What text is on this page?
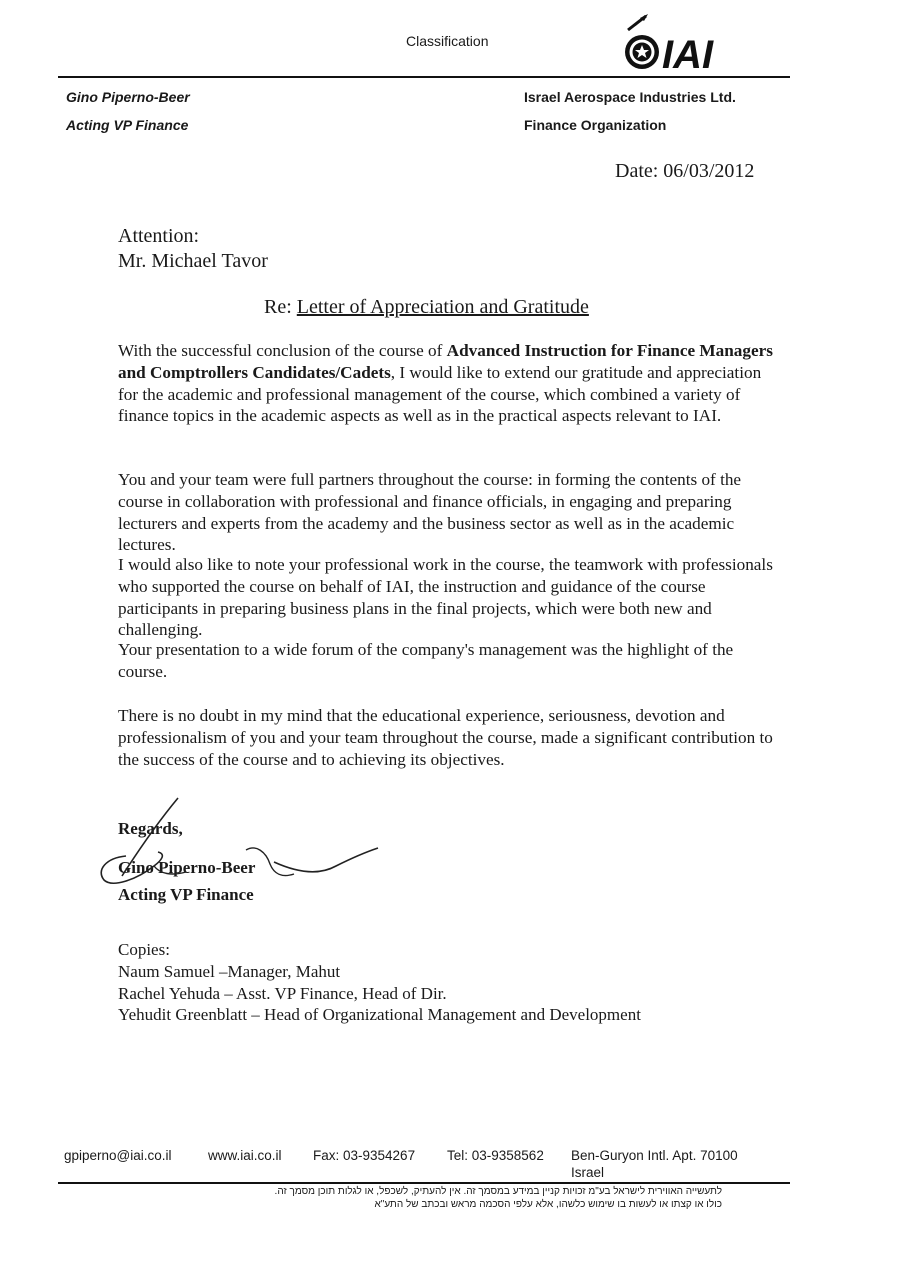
Classification	IAI
Gino Piperno-Beer
Acting VP Finance
Israel Aerospace Industries Ltd.
Finance Organization
Date: 06/03/2012
Attention:
Mr. Michael Tavor
Re: Letter of Appreciation and Gratitude
With the successful conclusion of the course of Advanced Instruction for Finance Managers and Comptrollers Candidates/Cadets, I would like to extend our gratitude and appreciation for the academic and professional management of the course, which combined a variety of finance topics in the academic aspects as well as in the practical aspects relevant to IAI.
You and your team were full partners throughout the course: in forming the contents of the course in collaboration with professional and finance officials, in engaging and preparing lecturers and experts from the academy and the business sector as well as in the academic lectures.
I would also like to note your professional work in the course, the teamwork with professionals who supported the course on behalf of IAI, the instruction and guidance of the course participants in preparing business plans in the final projects, which were both new and challenging.
Your presentation to a wide forum of the company's management was the highlight of the course.
There is no doubt in my mind that the educational experience, seriousness, devotion and professionalism of you and your team throughout the course, made a significant contribution to the success of the course and to achieving its objectives.
Regards,
Gino Piperno-Beer
Acting VP Finance
Copies:
Naum Samuel –Manager, Mahut
Rachel Yehuda – Asst. VP Finance, Head of Dir.
Yehudit Greenblatt – Head of Organizational Management and Development
gpiperno@iai.co.il	www.iai.co.il Fax: 03-9354267 Tel: 03-9358562 Ben-Guryon Intl. Apt. 70100
Israel
לתעשייה האווירית לישראל בע"מ זכויות קניין במידע במסמך זה. אין להעתיק, לשכפל, או לגלות תוכן מסמך זה.
כולו או קצתו או לעשות בו שימוש כלשהו, אלא עלפי הסכמה מראש ובכתב של התע"א
